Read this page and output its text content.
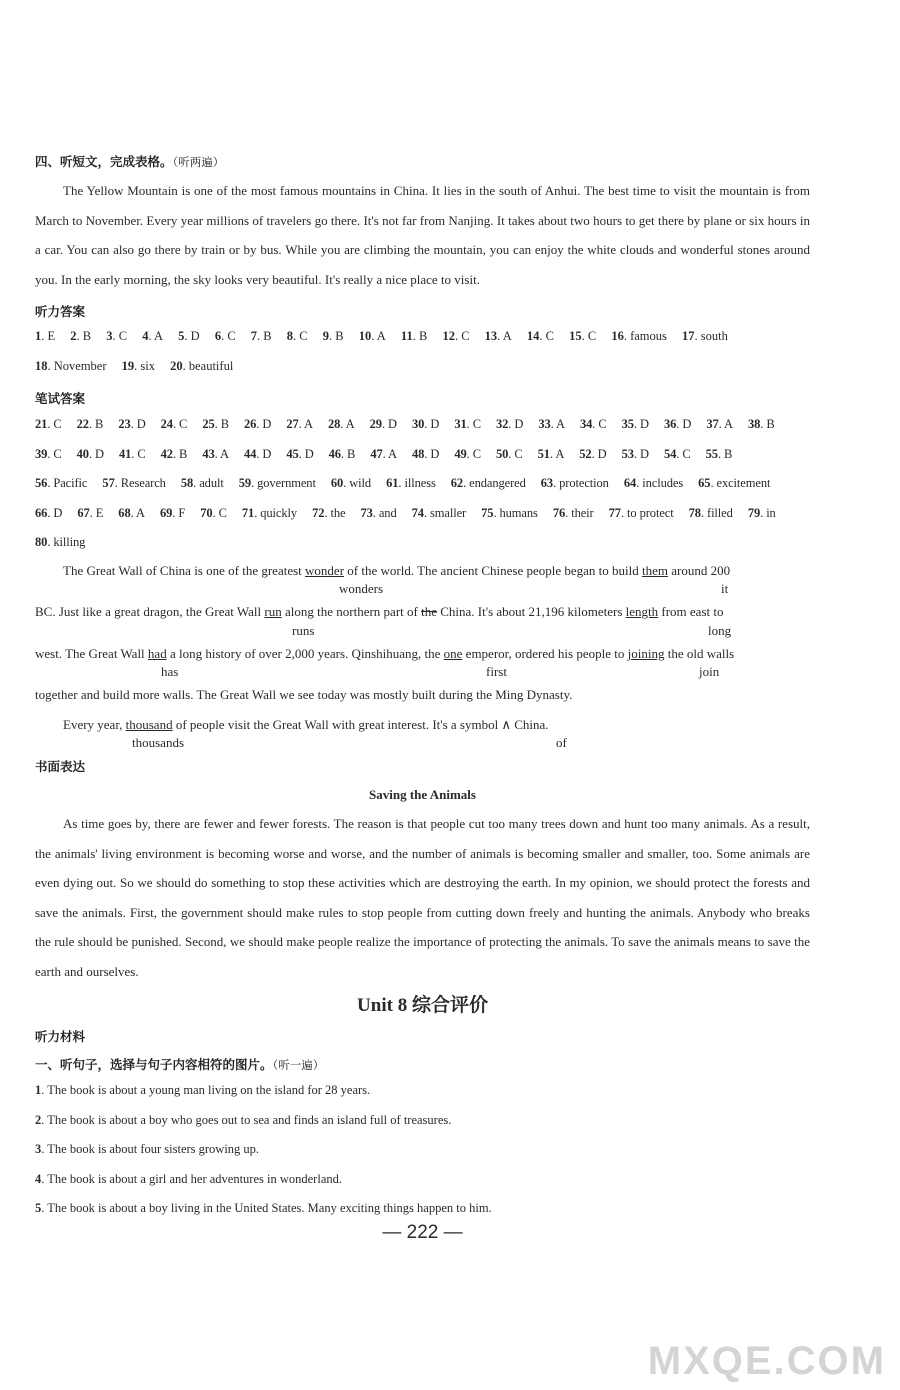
四、听短文，完成表格。（听两遍）
The Yellow Mountain is one of the most famous mountains in China. It lies in the south of Anhui. The best time to visit the mountain is from March to November. Every year millions of travelers go there. It's not far from Nanjing. It takes about two hours to get there by plane or six hours in a car. You can also go there by train or by bus. While you are climbing the mountain, you can enjoy the white clouds and wonderful stones around you. In the early morning, the sky looks very beautiful. It's really a nice place to visit.
听力答案
1. E 2. B 3. C 4. A 5. D 6. C 7. B 8. C 9. B 10. A 11. B 12. C 13. A 14. C 15. C 16. famous 17. south 18. November 19. six 20. beautiful
笔试答案
21. C 22. B 23. D 24. C 25. B 26. D 27. A 28. A 29. D 30. D 31. C 32. D 33. A 34. C 35. D 36. D 37. A 38. B 39. C 40. D 41. C 42. B 43. A 44. D 45. D 46. B 47. A 48. D 49. C 50. C 51. A 52. D 53. D 54. C 55. B 56. Pacific 57. Research 58. adult 59. government 60. wild 61. illness 62. endangered 63. protection 64. includes 65. excitement 66. D 67. E 68. A 69. F 70. C 71. quickly 72. the 73. and 74. smaller 75. humans 76. their 77. to protect 78. filled 79. in 80. killing
The Great Wall of China is one of the greatest wonder of the world. The ancient Chinese people began to build them around 200
wonders	it
BC. Just like a great dragon, the Great Wall run along the northern part of the China. It's about 21,196 kilometers length from east to
runs	long
west. The Great Wall had a long history of over 2,000 years. Qinshihuang, the one emperor, ordered his people to joining the old walls
has	first	join
together and build more walls. The Great Wall we see today was mostly built during the Ming Dynasty.
Every year, thousand of people visit the Great Wall with great interest. It's a symbol ∧ China.
thousands	of
书面表达
Saving the Animals
As time goes by, there are fewer and fewer forests. The reason is that people cut too many trees down and hunt too many animals. As a result, the animals' living environment is becoming worse and worse, and the number of animals is becoming smaller and smaller, too. Some animals are even dying out. So we should do something to stop these activities which are destroying the earth. In my opinion, we should protect the forests and save the animals. First, the government should make rules to stop people from cutting down freely and hunting the animals. Anybody who breaks the rule should be punished. Second, we should make people realize the importance of protecting the animals. To save the animals means to save the earth and ourselves.
Unit 8 综合评价
听力材料
一、听句子，选择与句子内容相符的图片。（听一遍）
1. The book is about a young man living on the island for 28 years.
2. The book is about a boy who goes out to sea and finds an island full of treasures.
3. The book is about four sisters growing up.
4. The book is about a girl and her adventures in wonderland.
5. The book is about a boy living in the United States. Many exciting things happen to him.
— 222 —
MXQE.COM
